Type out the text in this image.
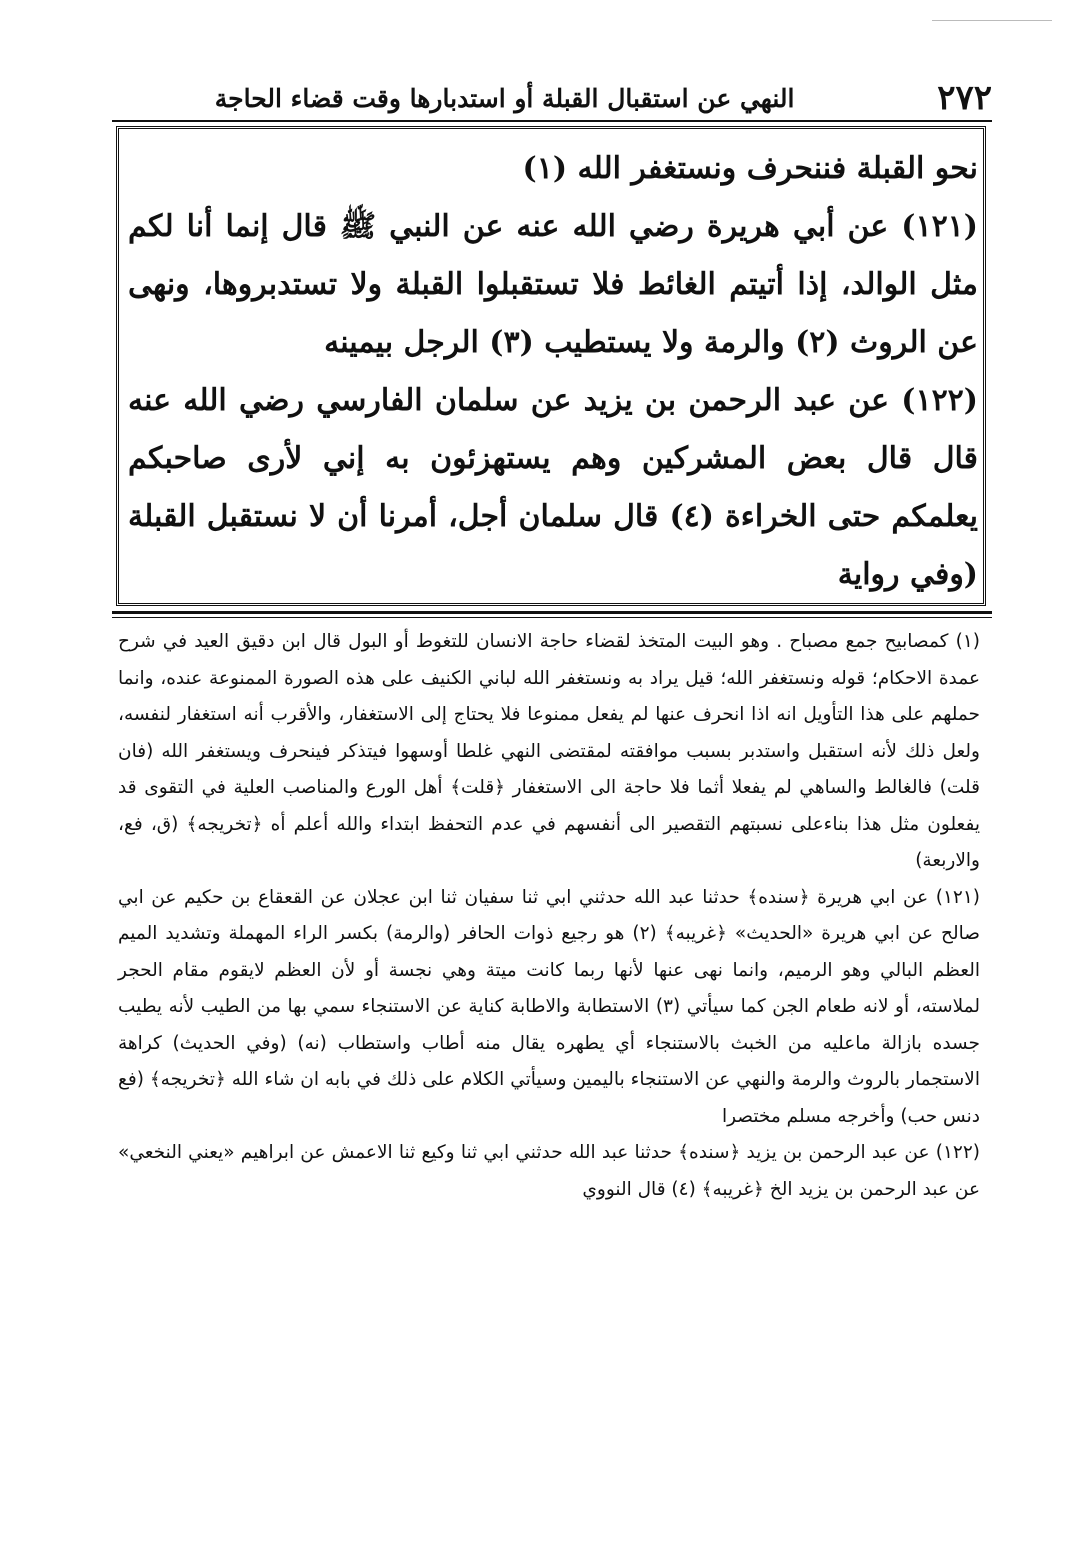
٢٧٢
النهي عن استقبال القبلة أو استدبارها وقت قضاء الحاجة

نحو القبلة فننحرف ونستغفر الله (١)

(١٢١) عن أبي هريرة رضي الله عنه عن النبي ﷺ قال إنما أنا لكم مثل الوالد، إذا أتيتم الغائط فلا تستقبلوا القبلة ولا تستدبروها، ونهى عن الروث (٢) والرمة ولا يستطيب (٣) الرجل بيمينه

(١٢٢) عن عبد الرحمن بن يزيد عن سلمان الفارسي رضي الله عنه قال قال بعض المشركين وهم يستهزئون به إني لأرى صاحبكم يعلمكم حتى الخراءة (٤) قال سلمان أجل، أمرنا أن لا نستقبل القبلة (وفي رواية

(١) كمصابيح جمع مصباح . وهو البيت المتخذ لقضاء حاجة الانسان للتغوط أو البول قال ابن دقيق العيد في شرح عمدة الاحكام؛ قوله ونستغفر الله؛ قيل يراد به ونستغفر الله لباني الكنيف على هذه الصورة الممنوعة عنده، وانما حملهم على هذا التأويل انه اذا انحرف عنها لم يفعل ممنوعا فلا يحتاج إلى الاستغفار، والأقرب أنه استغفار لنفسه، ولعل ذلك لأنه استقبل واستدبر بسبب موافقته لمقتضى النهي غلطا أوسهوا فيتذكر فينحرف ويستغفر الله (فان قلت) فالغالط والساهي لم يفعلا أثما فلا حاجة الى الاستغفار ﴿قلت﴾ أهل الورع والمناصب العلية في التقوى قد يفعلون مثل هذا بناءعلى نسبتهم التقصير الى أنفسهم في عدم التحفظ ابتداء والله أعلم أه ﴿تخريجه﴾ (ق، فع، والاربعة)

(١٢١) عن ابي هريرة ﴿سنده﴾ حدثنا عبد الله حدثني ابي ثنا سفيان ثنا ابن عجلان عن القعقاع بن حكيم عن ابي صالح عن ابي هريرة «الحديث» ﴿غريبه﴾ (٢) هو رجيع ذوات الحافر (والرمة) بكسر الراء المهملة وتشديد الميم العظم البالي وهو الرميم، وانما نهى عنها لأنها ربما كانت ميتة وهي نجسة أو لأن العظم لايقوم مقام الحجر لملاسته، أو لانه طعام الجن كما سيأتي (٣) الاستطابة والاطابة كناية عن الاستنجاء سمي بها من الطيب لأنه يطيب جسده بازالة ماعليه من الخبث بالاستنجاء أي يطهره يقال منه أطاب واستطاب (نه) (وفي الحديث) كراهة الاستجمار بالروث والرمة والنهي عن الاستنجاء باليمين وسيأتي الكلام على ذلك في بابه ان شاء الله ﴿تخريجه﴾ (فع دنس حب) وأخرجه مسلم مختصرا

(١٢٢) عن عبد الرحمن بن يزيد ﴿سنده﴾ حدثنا عبد الله حدثني ابي ثنا وكيع ثنا الاعمش عن ابراهيم «يعني النخعي» عن عبد الرحمن بن يزيد الخ ﴿غريبه﴾ (٤) قال النووي
